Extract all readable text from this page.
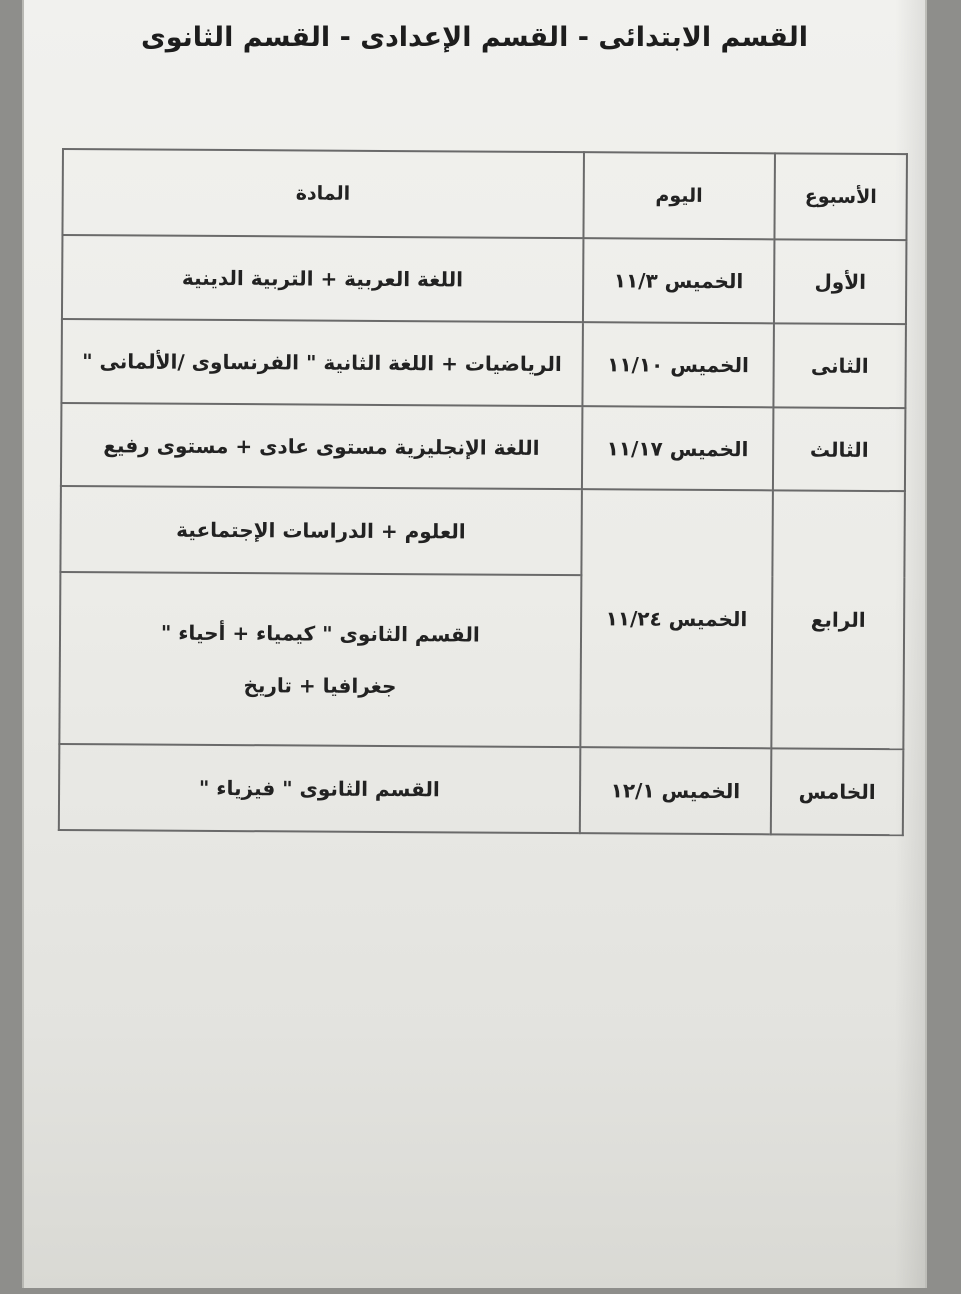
القسم الابتدائى - القسم الإعدادى - القسم الثانوى
الأسبوع	اليوم	المادة
الأول	الخميس ١١/٣	اللغة العربية + التربية الدينية
الثانى	الخميس ١١/١٠	الرياضيات + اللغة الثانية " الفرنساوى /الألمانى "
الثالث	الخميس ١١/١٧	اللغة الإنجليزية مستوى عادى + مستوى رفيع
الرابع	الخميس ١١/٢٤	العلوم + الدراسات الإجتماعية

		القسم الثانوى " كيمياء + أحياء "
جغرافيا + تاريخ

الخامس	الخميس ١٢/١	القسم الثانوى " فيزياء "
